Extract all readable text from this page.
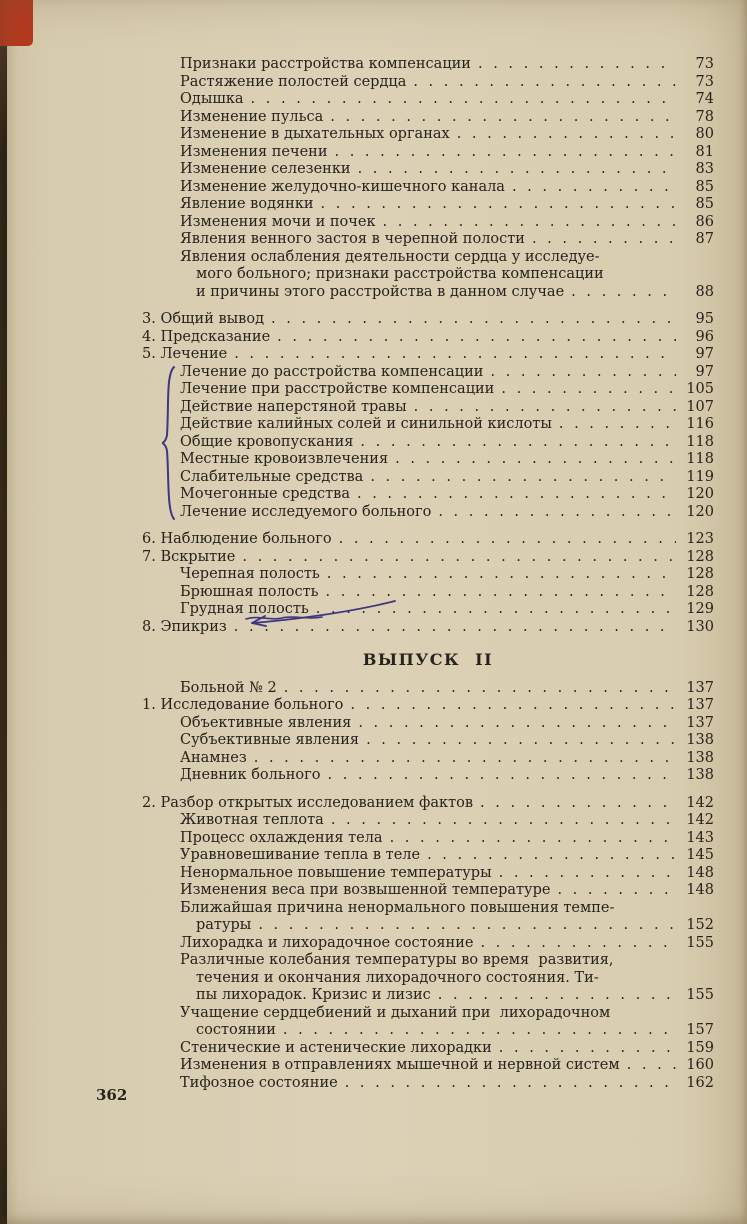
Признаки расстройства компенсации . . .	73
Растяжение полостей сердца . . .	73
Одышка . . .	74
Изменение пульса . . .	78
Изменение в дыхательных органах . . .	80
Изменения печени . . .	81
Изменение селезенки . . .	83
Изменение желудочно-кишечного канала . . .	85
Явление водянки . . .	85
Изменения мочи и почек . . .	86
Явления венного застоя в черепной полости . . .	87
Явления ослабления деятельности сердца у исследуе-
мого больного; признаки расстройства компенсации
и причины этого расстройства в данном случае . . .	88
3. Общий вывод . . .	95
4. Предсказание . . .	96
5. Лечение . . .	97
Лечение до расстройства компенсации . . .	97
Лечение при расстройстве компенсации . . .	105
Действие наперстяной травы . . .	107
Действие калийных солей и синильной кислоты . . .	116
Общие кровопускания . . .	118
Местные кровоизвлечения . . .	118
Слабительные средства . . .	119
Мочегонные средства . . .	120
Лечение исследуемого больного . . .	120
6. Наблюдение больного . . .	123
7. Вскрытие . . .	128
Черепная полость . . .	128
Брюшная полость . . .	128
Грудная полость . . .	129
8. Эпикриз . . .	130
ВЫПУСК II
Больной № 2 . . .	137
1. Исследование больного . . .	137
Объективные явления . . .	137
Субъективные явления . . .	138
Анамнез . . .	138
Дневник больного . . .	138
2. Разбор открытых исследованием фактов . . .	142
Животная теплота . . .	142
Процесс охлаждения тела . . .	143
Уравновешивание тепла в теле . . .	145
Ненормальное повышение температуры . . .	148
Изменения веса при возвышенной температуре . . .	148
Ближайшая причина ненормального повышения темпе-
ратуры . . .	152
Лихорадка и лихорадочное состояние . . .	155
Различные колебания температуры во время  развития,
течения и окончания лихорадочного состояния. Ти-
пы лихорадок. Кризис и лизис . . .	155
Учащение сердцебиений и дыханий при  лихорадочном
состоянии . . .	157
Стенические и астенические лихорадки . . .	159
Изменения в отправлениях мышечной и нервной систем . . .	160
Тифозное состояние . . .	162
362
